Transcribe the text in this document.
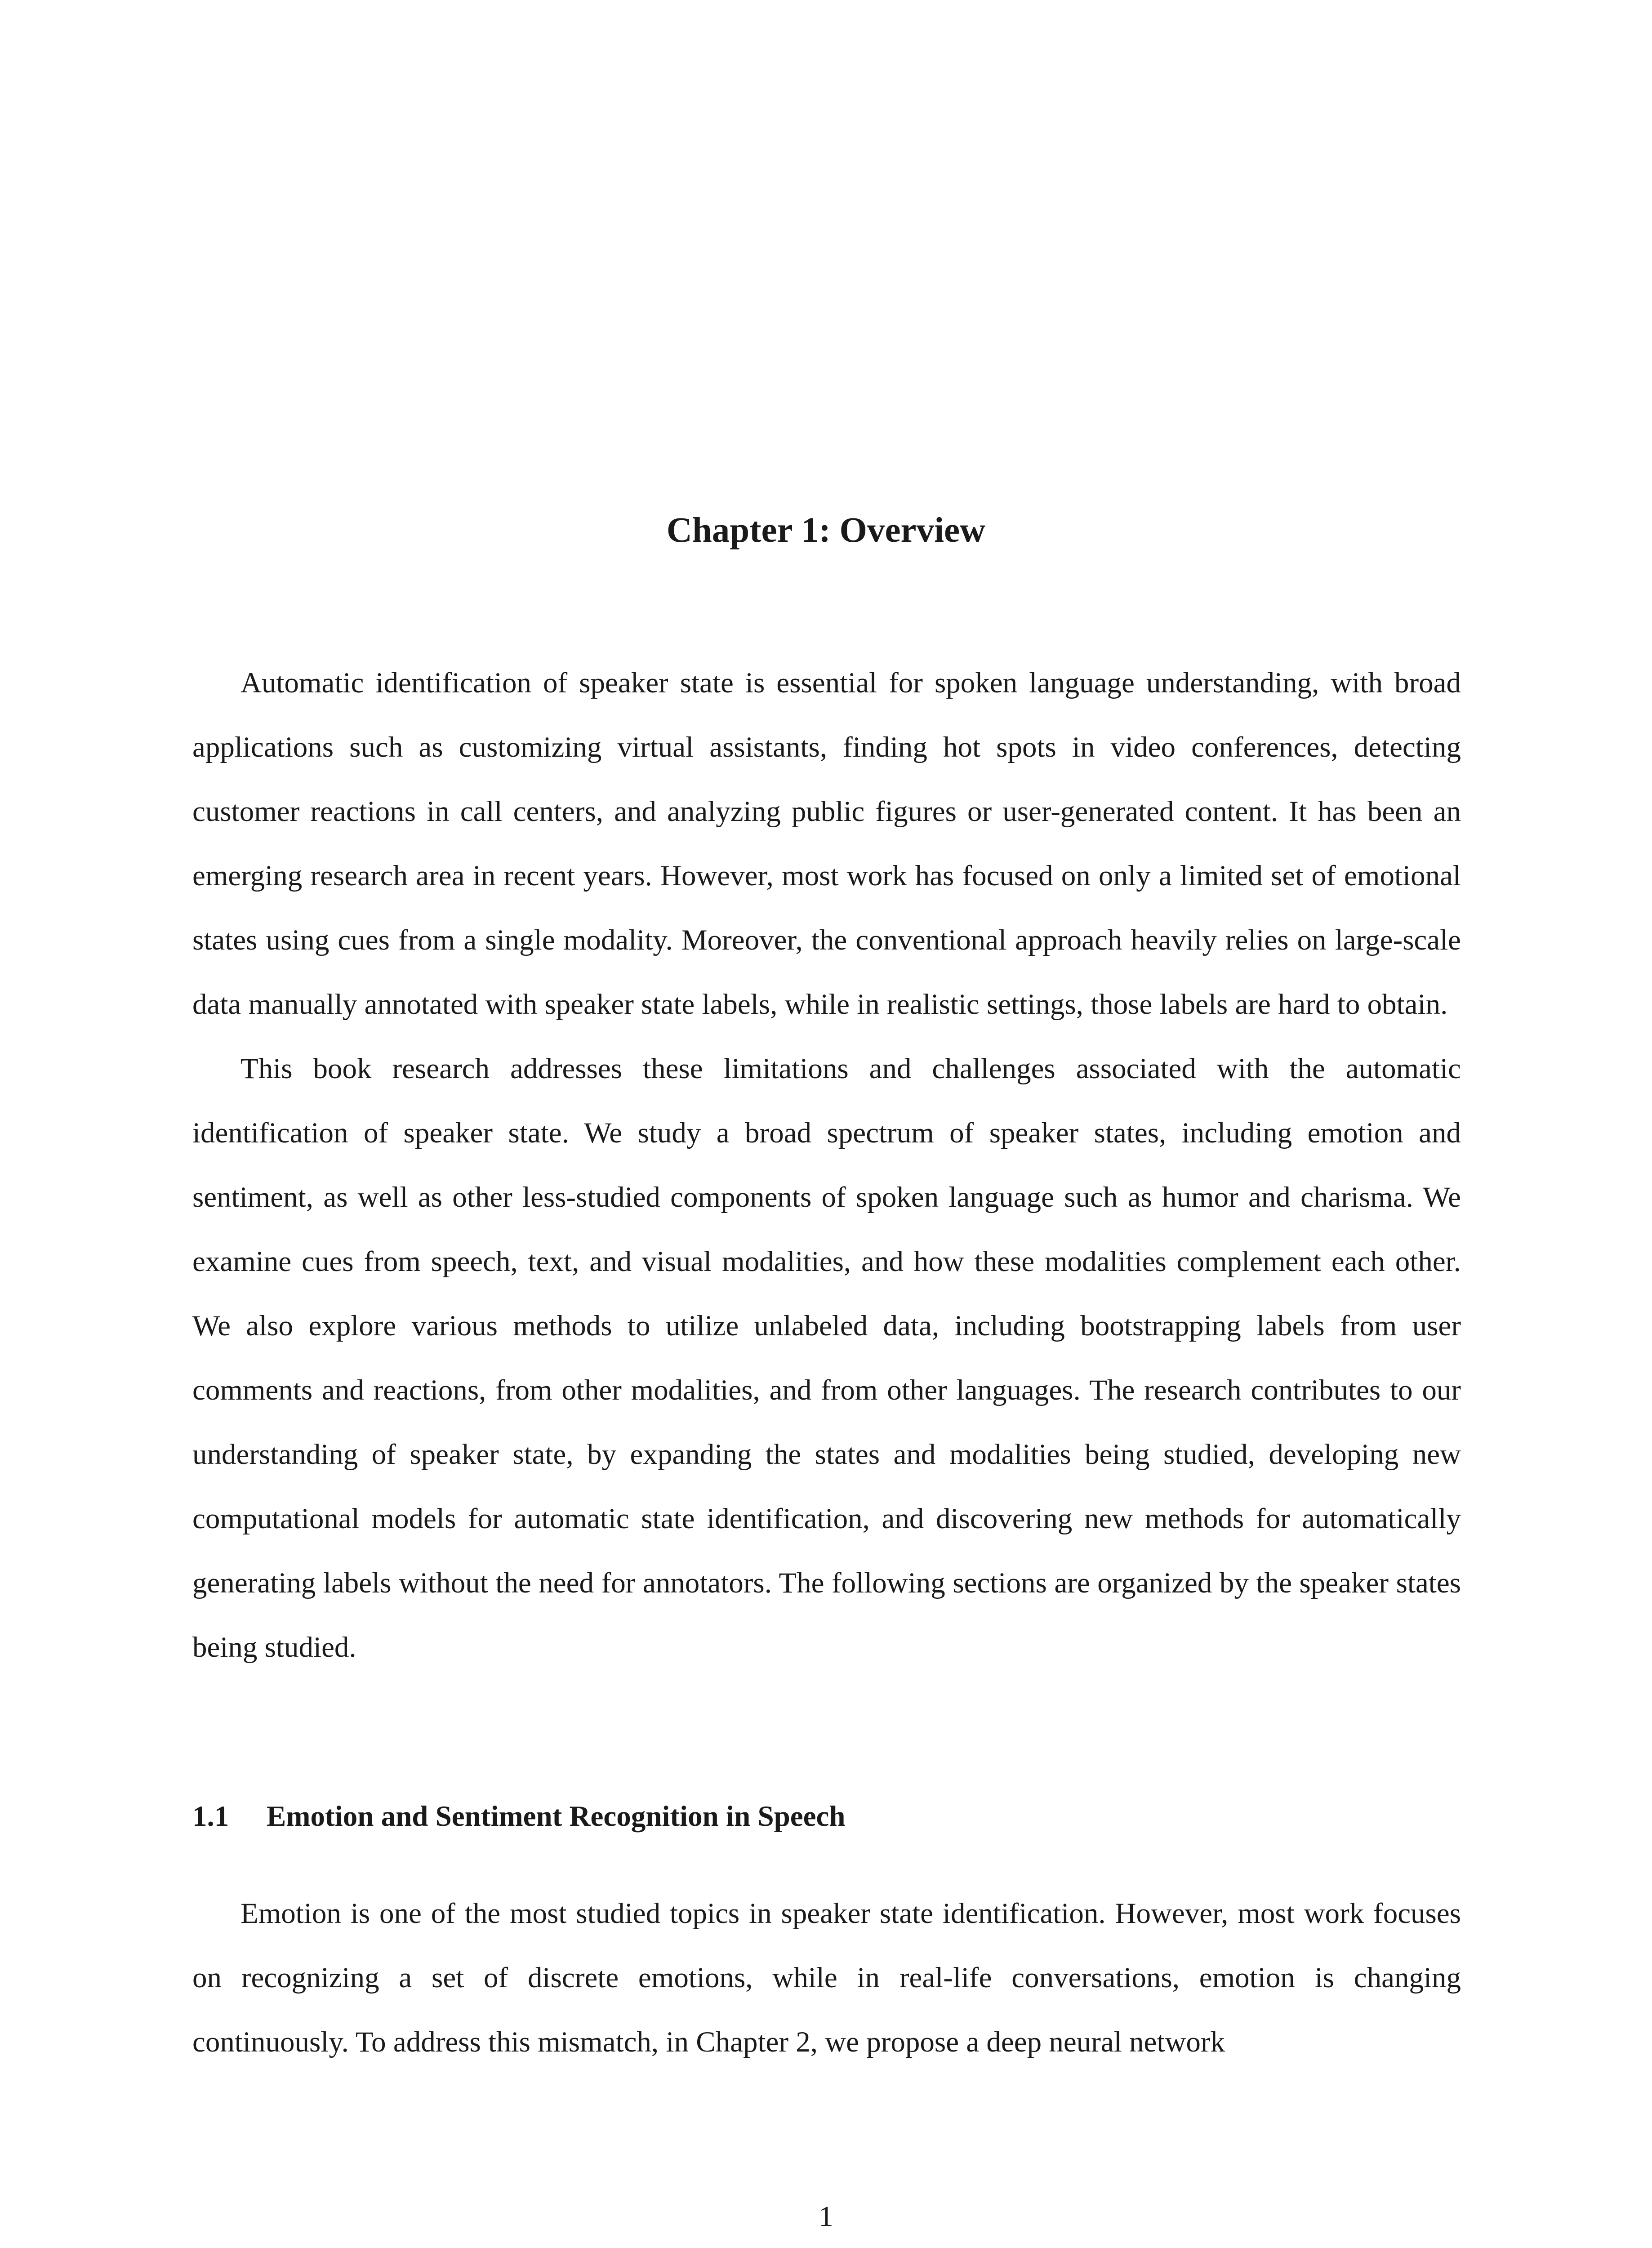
Chapter 1: Overview

Automatic identification of speaker state is essential for spoken language understanding, with broad applications such as customizing virtual assistants, finding hot spots in video conferences, detecting customer reactions in call centers, and analyzing public figures or user-generated content. It has been an emerging research area in recent years. However, most work has focused on only a limited set of emotional states using cues from a single modality. Moreover, the conventional approach heavily relies on large-scale data manually annotated with speaker state labels, while in realistic settings, those labels are hard to obtain.

This book research addresses these limitations and challenges associated with the automatic identification of speaker state. We study a broad spectrum of speaker states, including emotion and sentiment, as well as other less-studied components of spoken language such as humor and charisma. We examine cues from speech, text, and visual modalities, and how these modalities complement each other. We also explore various methods to utilize unlabeled data, including bootstrapping labels from user comments and reactions, from other modalities, and from other languages. The research contributes to our understanding of speaker state, by expanding the states and modalities being studied, developing new computational models for automatic state identification, and discovering new methods for automatically generating labels without the need for annotators. The following sections are organized by the speaker states being studied.

1.1 Emotion and Sentiment Recognition in Speech

Emotion is one of the most studied topics in speaker state identification. However, most work focuses on recognizing a set of discrete emotions, while in real-life conversations, emotion is changing continuously. To address this mismatch, in Chapter 2, we propose a deep neural network

1
